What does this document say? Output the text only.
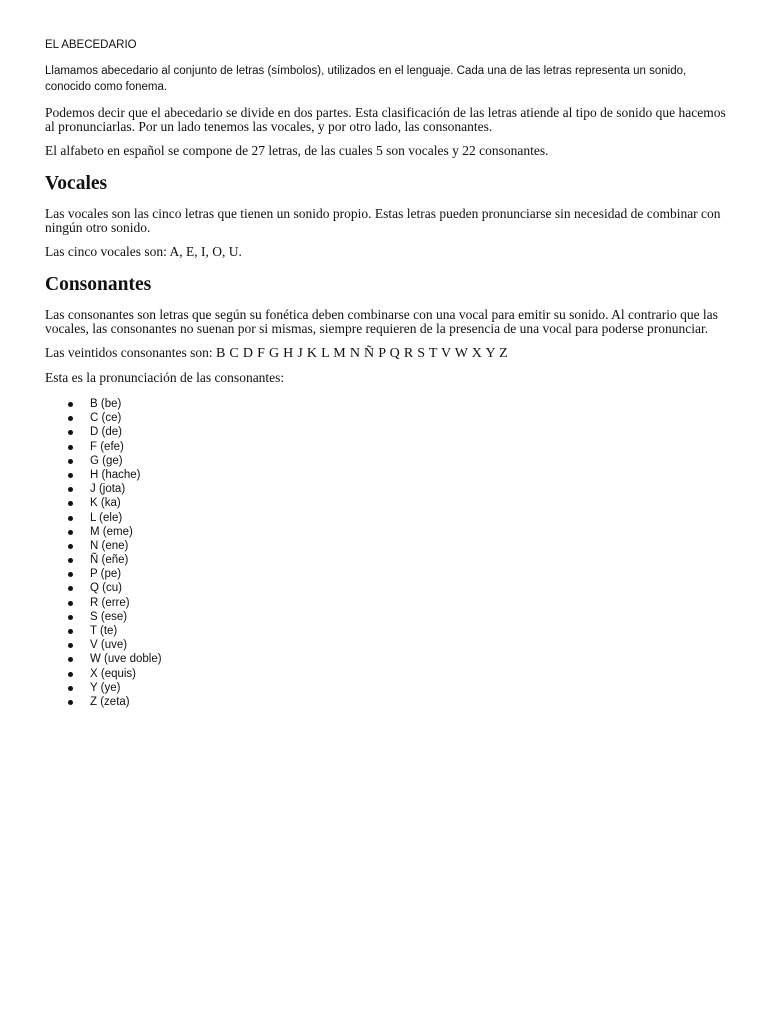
EL ABECEDARIO

Llamamos abecedario al conjunto de letras (símbolos), utilizados en el lenguaje. Cada una de las letras representa un sonido, conocido como fonema.

Podemos decir que el abecedario se divide en dos partes. Esta clasificación de las letras atiende al tipo de sonido que hacemos al pronunciarlas. Por un lado tenemos las vocales, y por otro lado, las consonantes.

El alfabeto en español se compone de 27 letras, de las cuales 5 son vocales y 22 consonantes.

Vocales

Las vocales son las cinco letras que tienen un sonido propio. Estas letras pueden pronunciarse sin necesidad de combinar con ningún otro sonido.

Las cinco vocales son: A, E, I, O, U.

Consonantes

Las consonantes son letras que según su fonética deben combinarse con una vocal para emitir su sonido. Al contrario que las vocales, las consonantes no suenan por si mismas, siempre requieren de la presencia de una vocal para poderse pronunciar.

Las veintidos consonantes son: B C D F G H J K L M N Ñ P Q R S T V W X Y Z

Esta es la pronunciación de las consonantes:

B (be)
C (ce)
D (de)
F (efe)
G (ge)
H (hache)
J (jota)
K (ka)
L (ele)
M (eme)
N (ene)
Ñ (eñe)
P (pe)
Q (cu)
R (erre)
S (ese)
T (te)
V (uve)
W (uve doble)
X (equis)
Y (ye)
Z (zeta)
